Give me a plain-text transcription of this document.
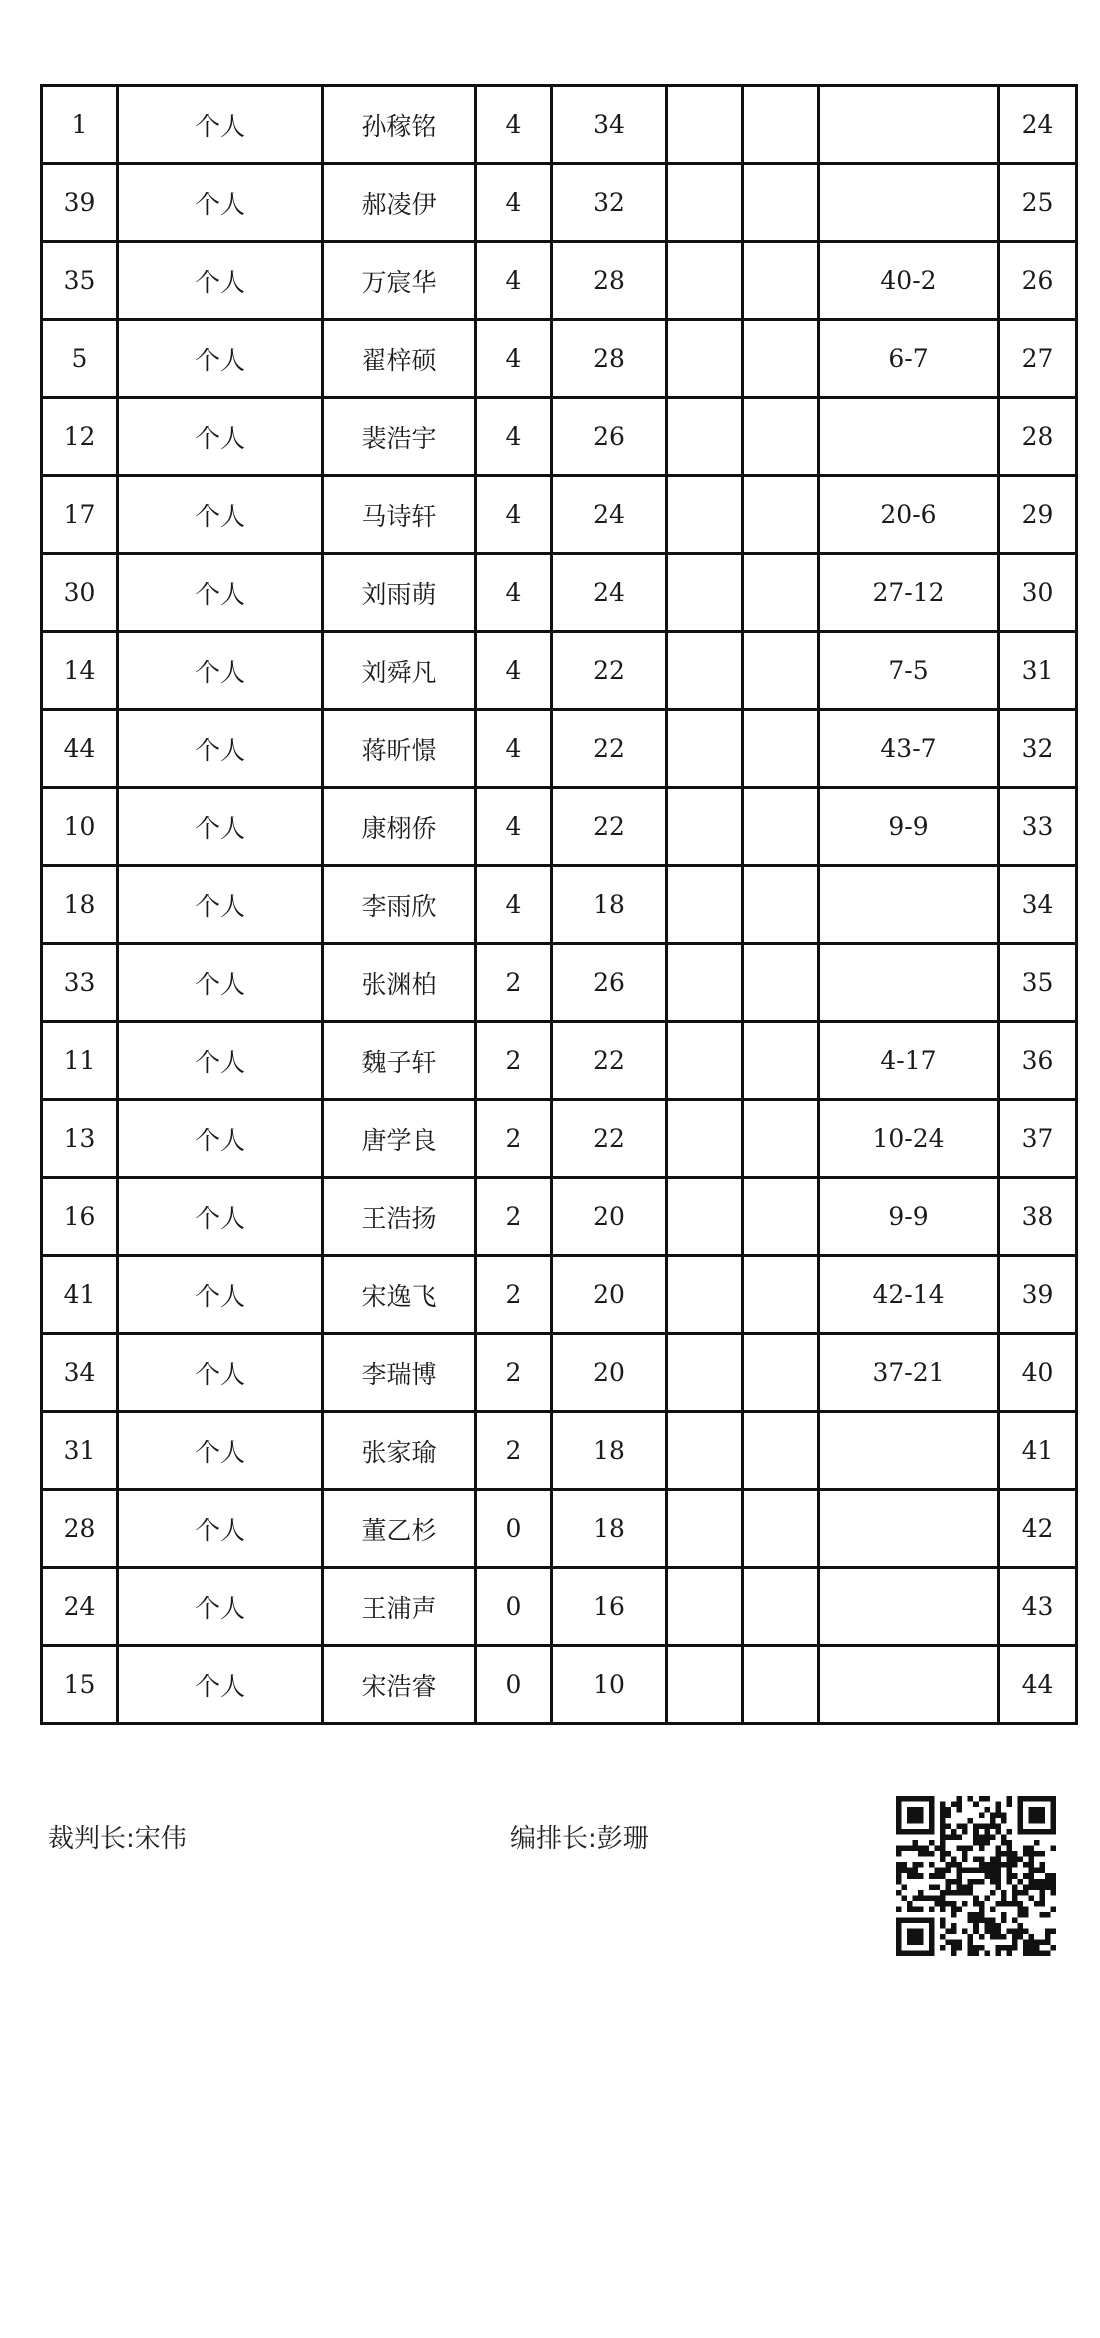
1	个人	孙稼铭	4	34				24
39	个人	郝凌伊	4	32				25
35	个人	万宸华	4	28			40-2	26
5	个人	翟梓硕	4	28			6-7	27
12	个人	裴浩宇	4	26				28
17	个人	马诗轩	4	24			20-6	29
30	个人	刘雨萌	4	24			27-12	30
14	个人	刘舜凡	4	22			7-5	31
44	个人	蒋昕憬	4	22			43-7	32
10	个人	康栩侨	4	22			9-9	33
18	个人	李雨欣	4	18				34
33	个人	张渊柏	2	26				35
11	个人	魏子轩	2	22			4-17	36
13	个人	唐学良	2	22			10-24	37
16	个人	王浩扬	2	20			9-9	38
41	个人	宋逸飞	2	20			42-14	39
34	个人	李瑞博	2	20			37-21	40
31	个人	张家瑜	2	18				41
28	个人	董乙杉	0	18				42
24	个人	王浦声	0	16				43
15	个人	宋浩睿	0	10				44
裁判长:宋伟	编排长:彭珊
